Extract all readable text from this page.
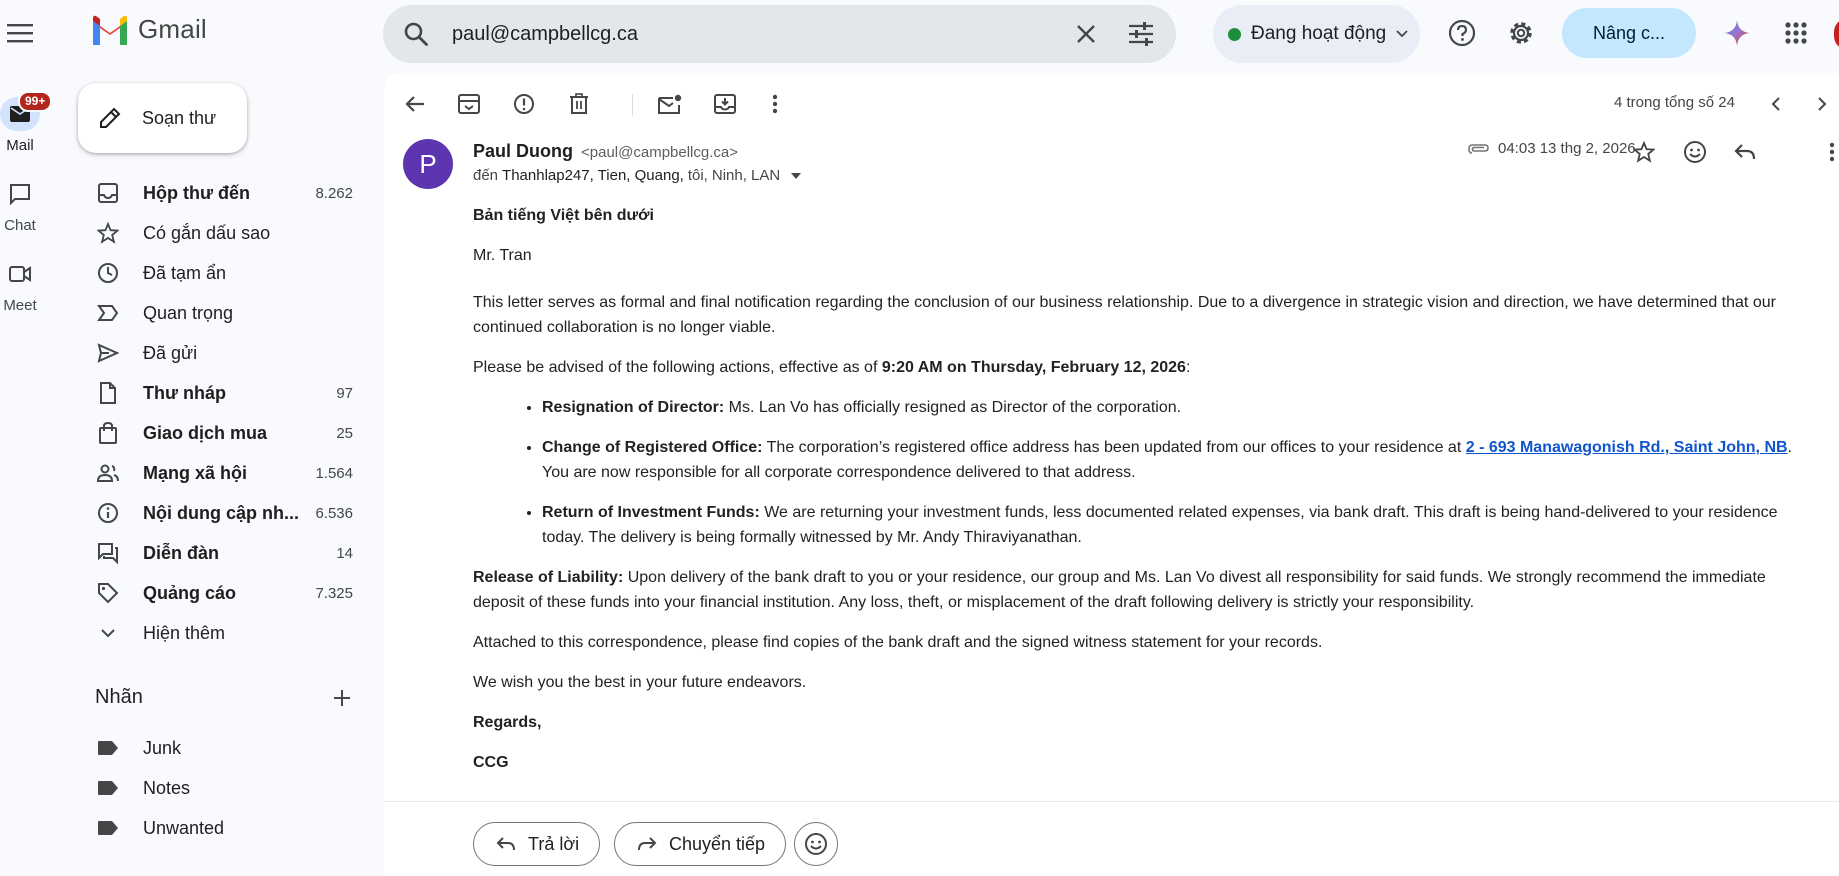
Gmail	paul@campbellcg.ca	Đang hoạt động	Nâng c...
99+
Mail
Chat
Meet
Soạn thư
Hộp thư đến	8.262
Có gắn dấu sao
Đã tạm ẩn
Quan trọng
Đã gửi
Thư nháp	97
Giao dịch mua	25
Mạng xã hội	1.564
Nội dung cập nh...	6.536
Diễn đàn	14
Quảng cáo	7.325
Hiện thêm
Nhãn
Junk
Notes
Unwanted
4 trong tổng số 24
P	Paul Duong <paul@campbellcg.ca>
đến Thanhlap247, Tien, Quang, tôi, Ninh, LAN
04:03 13 thg 2, 2026

Bản tiếng Việt bên dưới

Mr. Tran

This letter serves as formal and final notification regarding the conclusion of our business relationship. Due to a divergence in strategic vision and direction, we have determined that our continued collaboration is no longer viable.

Please be advised of the following actions, effective as of 9:20 AM on Thursday, February 12, 2026:

• Resignation of Director: Ms. Lan Vo has officially resigned as Director of the corporation.
• Change of Registered Office: The corporation’s registered office address has been updated from our offices to your residence at 2 - 693 Manawagonish Rd., Saint John, NB. You are now responsible for all corporate correspondence delivered to that address.
• Return of Investment Funds: We are returning your investment funds, less documented related expenses, via bank draft. This draft is being hand-delivered to your residence today. The delivery is being formally witnessed by Mr. Andy Thiraviyanathan.

Release of Liability: Upon delivery of the bank draft to you or your residence, our group and Ms. Lan Vo divest all responsibility for said funds. We strongly recommend the immediate deposit of these funds into your financial institution. Any loss, theft, or misplacement of the draft following delivery is strictly your responsibility.

Attached to this correspondence, please find copies of the bank draft and the signed witness statement for your records.

We wish you the best in your future endeavors.

Regards,

CCG

Trả lời	Chuyển tiếp
